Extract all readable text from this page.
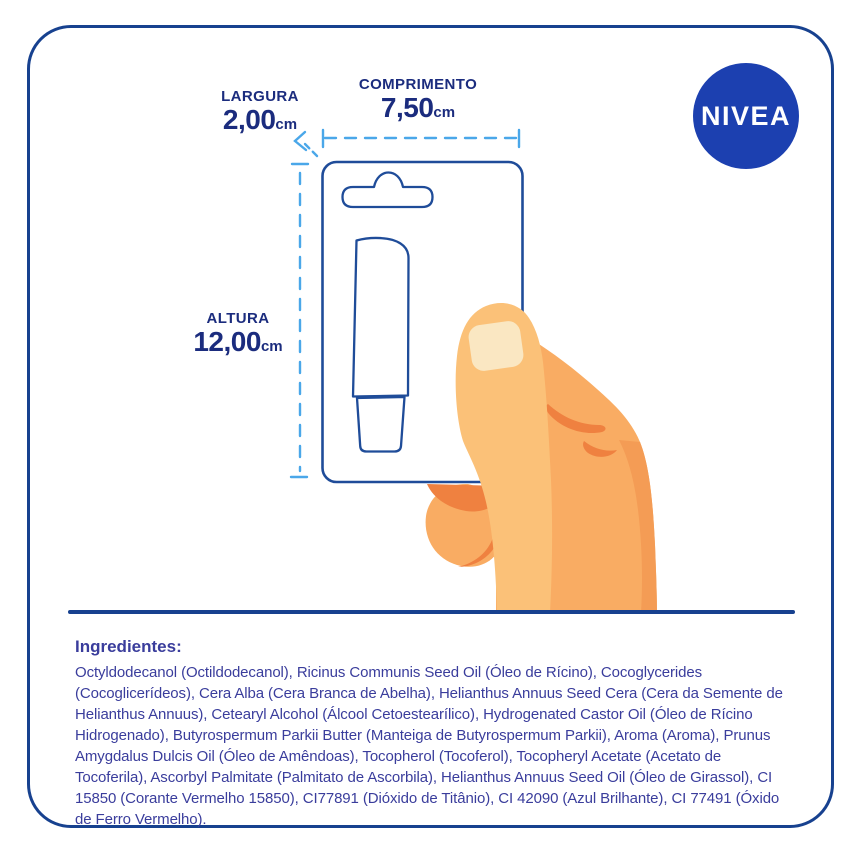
NIVEA
LARGURA
2,00cm
COMPRIMENTO
7,50cm
ALTURA
12,00cm
Ingredientes:
Octyldodecanol (Octildodecanol), Ricinus Communis Seed Oil (Óleo de Rícino), Cocoglycerides (Cocoglicerídeos), Cera Alba (Cera Branca de Abelha), Helianthus Annuus Seed Cera (Cera da Semente de Helianthus Annuus), Cetearyl Alcohol (Álcool Cetoestearílico), Hydrogenated Castor Oil (Óleo de Rícino Hidrogenado), Butyrospermum Parkii Butter (Manteiga de Butyrospermum Parkii), Aroma (Aroma), Prunus Amygdalus Dulcis Oil (Óleo de Amêndoas), Tocopherol (Tocoferol), Tocopheryl Acetate (Acetato de Tocoferila), Ascorbyl Palmitate (Palmitato de Ascorbila), Helianthus Annuus Seed Oil (Óleo de Girassol), CI 15850 (Corante Vermelho 15850), CI77891 (Dióxido de Titânio), CI 42090 (Azul Brilhante), CI 77491 (Óxido de Ferro Vermelho).
